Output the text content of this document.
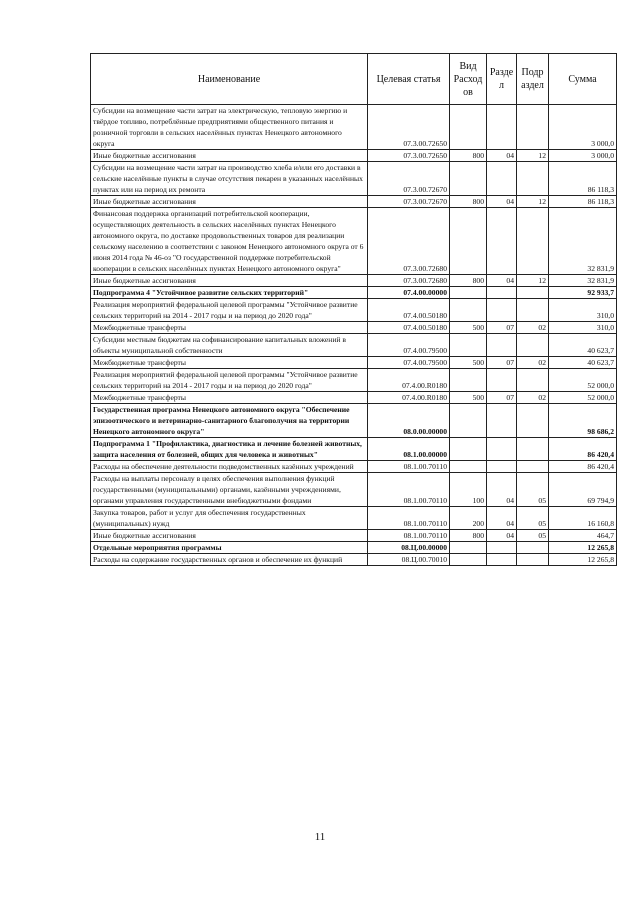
Наименование	Целевая статья	Вид Расход ов	Разде л	Подр аздел	Сумма
Субсидии на возмещение части затрат на электрическую, тепловую энергию и твёрдое топливо, потреблённые предприятиями общественного питания и розничной торговли в сельских населённых пунктах Ненецкого автономного округа	07.3.00.72650				3 000,0
Иные бюджетные ассигнования	07.3.00.72650	800	04	12	3 000,0
Субсидии на возмещение части затрат на производство хлеба и/или его доставки в сельские населённые пункты в случае отсутствия пекарен в указанных населённых пунктах или на период их ремонта	07.3.00.72670				86 118,3
Иные бюджетные ассигнования	07.3.00.72670	800	04	12	86 118,3
Финансовая поддержка организаций потребительской кооперации, осуществляющих деятельность в сельских населённых пунктах Ненецкого автономного округа, по доставке продовольственных товаров для реализации сельскому населению в соответствии с законом Ненецкого автономного округа от 6 июня 2014 года № 46-оз "О государственной поддержке потребительской кооперации в сельских населённых пунктах Ненецкого автономного округа"	07.3.00.72680				32 831,9
Иные бюджетные ассигнования	07.3.00.72680	800	04	12	32 831,9
Подпрограмма 4 "Устойчивое развитие сельских территорий"	07.4.00.00000				92 933,7
Реализация мероприятий федеральной целевой программы "Устойчивое развитие сельских территорий на 2014 - 2017 годы и на период до 2020 года"	07.4.00.50180				310,0
Межбюджетные трансферты	07.4.00.50180	500	07	02	310,0
Субсидии местным бюджетам на софинансирование капитальных вложений в объекты муниципальной собственности	07.4.00.79500				40 623,7
Межбюджетные трансферты	07.4.00.79500	500	07	02	40 623,7
Реализация мероприятий федеральной целевой программы "Устойчивое развитие сельских территорий на 2014 - 2017 годы и на период до 2020 года"	07.4.00.R0180				52 000,0
Межбюджетные трансферты	07.4.00.R0180	500	07	02	52 000,0
Государственная программа Ненецкого автономного округа "Обеспечение эпизоотического и ветеринарно-санитарного благополучия на территории Ненецкого автономного округа"	08.0.00.00000				98 686,2
Подпрограмма 1 "Профилактика, диагностика и лечение болезней животных, защита населения от болезней, общих для человека и животных"	08.1.00.00000				86 420,4
Расходы на обеспечение деятельности подведомственных казённых учреждений	08.1.00.70110				86 420,4
Расходы на выплаты персоналу в целях обеспечения выполнения функций государственными (муниципальными) органами, казёнными учреждениями, органами управления государственными внебюджетными фондами	08.1.00.70110	100	04	05	69 794,9
Закупка товаров, работ и услуг для обеспечения государственных (муниципальных) нужд	08.1.00.70110	200	04	05	16 160,8
Иные бюджетные ассигнования	08.1.00.70110	800	04	05	464,7
Отдельные мероприятия программы	08.Ц.00.00000				12 265,8
Расходы на содержание государственных органов и обеспечение их функций	08.Ц.00.70010				12 265,8
11
